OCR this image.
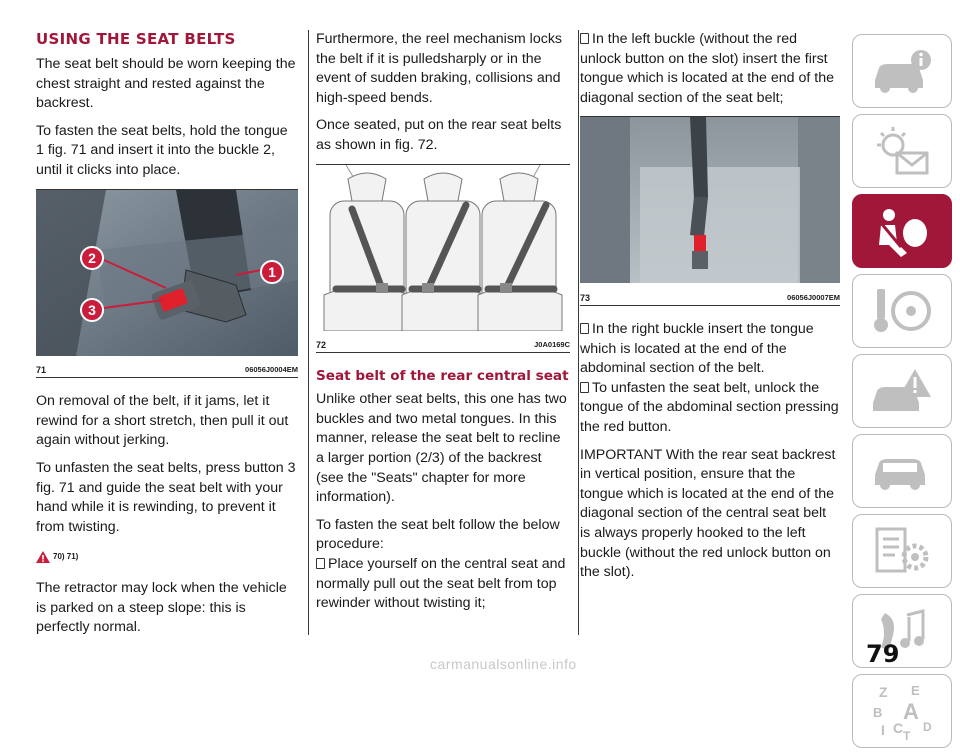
USING THE SEAT BELTS

The seat belt should be worn keeping the chest straight and rested against the backrest.

To fasten the seat belts, hold the tongue 1 fig. 71 and insert it into the buckle 2, until it clicks into place.

2
1
3
71	06056J0004EM

On removal of the belt, if it jams, let it rewind for a short stretch, then pull it out again without jerking.

To unfasten the seat belts, press button 3 fig. 71 and guide the seat belt with your hand while it is rewinding, to prevent it from twisting.

70) 71)

The retractor may lock when the vehicle is parked on a steep slope: this is perfectly normal.

Furthermore, the reel mechanism locks the belt if it is pulledsharply or in the event of sudden braking, collisions and high-speed bends.

Once seated, put on the rear seat belts as shown in fig. 72.

72	J0A0169C
Seat belt of the rear central seat

Unlike other seat belts, this one has two buckles and two metal tongues. In this manner, release the seat belt to recline a larger portion (2/3) of the backrest (see the "Seats" chapter for more information).

To fasten the seat belt follow the below procedure:

Place yourself on the central seat and normally pull out the seat belt from top rewinder without twisting it;

In the left buckle (without the red unlock button on the slot) insert the first tongue which is located at the end of the diagonal section of the seat belt;

73	06056J0007EM

In the right buckle insert the tongue which is located at the end of the abdominal section of the belt.

To unfasten the seat belt, unlock the tongue of the abdominal section pressing the red button.

IMPORTANT With the rear seat backrest in vertical position, ensure that the tongue which is located at the end of the diagonal section of the central seat belt is always properly hooked to the left buckle (without the red unlock button on the slot).

Z E
A
B
C D
I T
79
carmanualsonline.info
